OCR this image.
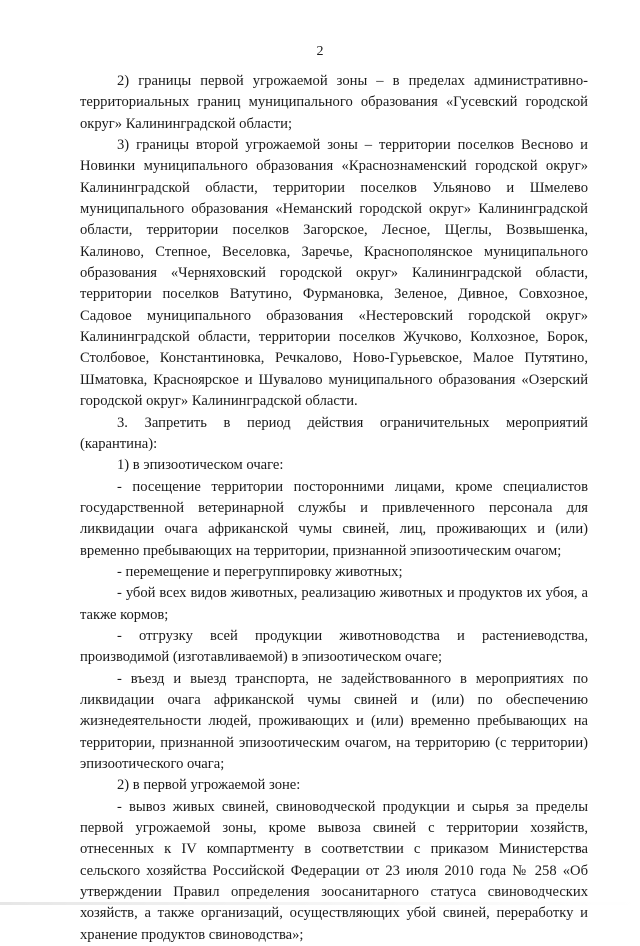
2

2) границы первой угрожаемой зоны – в пределах административно-территориальных границ муниципального образования «Гусевский городской округ» Калининградской области;

3) границы второй угрожаемой зоны – территории поселков Весново и Новинки муниципального образования «Краснознаменский городской округ» Калининградской области, территории поселков Ульяново и Шмелево муниципального образования «Неманский городской округ» Калининградской области, территории поселков Загорское, Лесное, Щеглы, Возвышенка, Калиново, Степное, Веселовка, Заречье, Краснополянское муниципального образования «Черняховский городской округ» Калининградской области, территории поселков Ватутино, Фурмановка, Зеленое, Дивное, Совхозное, Садовое муниципального образования «Нестеровский городской округ» Калининградской области, территории поселков Жучково, Колхозное, Борок, Столбовое, Константиновка, Речкалово, Ново-Гурьевское, Малое Путятино, Шматовка, Красноярское и Шувалово муниципального образования «Озерский городской округ» Калининградской области.

3. Запретить в период действия ограничительных мероприятий (карантина):

1) в эпизоотическом очаге:

- посещение территории посторонними лицами, кроме специалистов государственной ветеринарной службы и привлеченного персонала для ликвидации очага африканской чумы свиней, лиц, проживающих и (или) временно пребывающих на территории, признанной эпизоотическим очагом;

- перемещение и перегруппировку животных;

- убой всех видов животных, реализацию животных и продуктов их убоя, а также кормов;

- отгрузку всей продукции животноводства и растениеводства, производимой (изготавливаемой) в эпизоотическом очаге;

- въезд и выезд транспорта, не задействованного в мероприятиях по ликвидации очага африканской чумы свиней и (или) по обеспечению жизнедеятельности людей, проживающих и (или) временно пребывающих на территории, признанной эпизоотическим очагом, на территорию (с территории) эпизоотического очага;

2) в первой угрожаемой зоне:

- вывоз живых свиней, свиноводческой продукции и сырья за пределы первой угрожаемой зоны, кроме вывоза свиней с территории хозяйств, отнесенных к IV компартменту в соответствии с приказом Министерства сельского хозяйства Российской Федерации от 23 июля 2010 года № 258 «Об утверждении Правил определения зоосанитарного статуса свиноводческих хозяйств, а также организаций, осуществляющих убой свиней, переработку и хранение продуктов свиноводства»;
